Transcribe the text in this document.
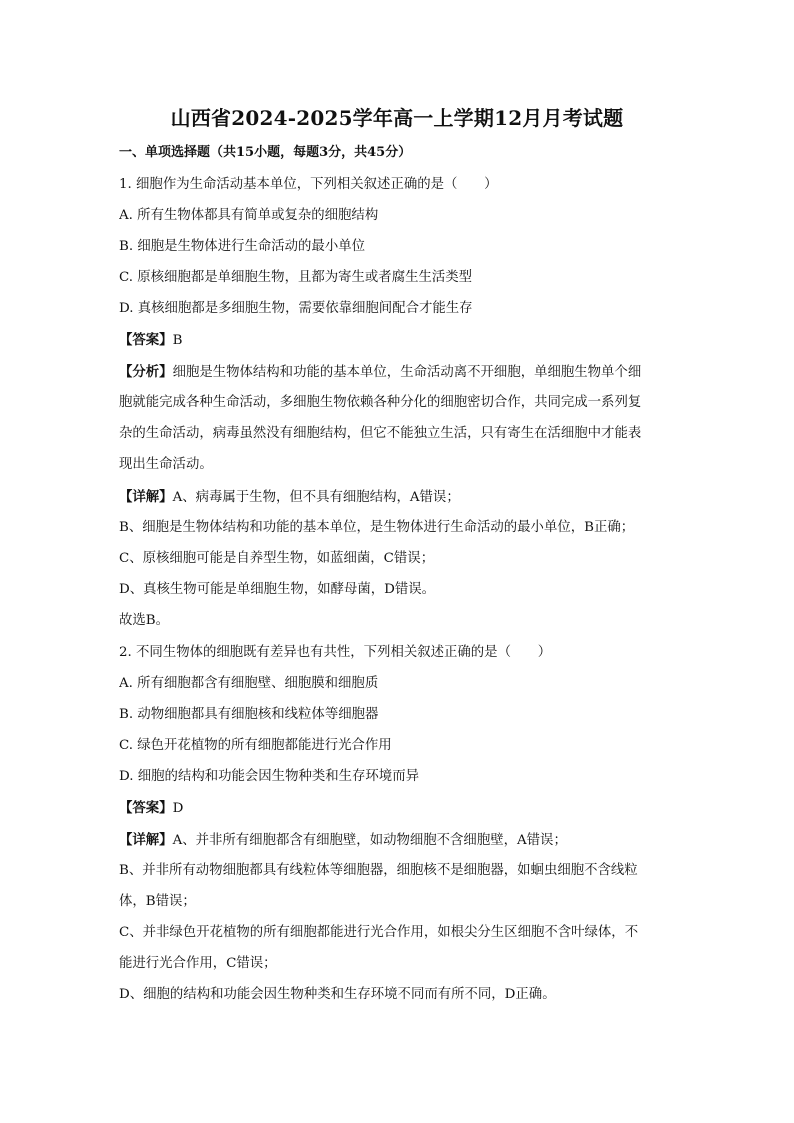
山西省2024-2025学年高一上学期12月月考试题
一、单项选择题（共15小题，每题3分，共45分）
1. 细胞作为生命活动基本单位，下列相关叙述正确的是（　　）
A. 所有生物体都具有简单或复杂的细胞结构
B. 细胞是生物体进行生命活动的最小单位
C. 原核细胞都是单细胞生物，且都为寄生或者腐生生活类型
D. 真核细胞都是多细胞生物，需要依靠细胞间配合才能生存
【答案】B
【分析】细胞是生物体结构和功能的基本单位，生命活动离不开细胞，单细胞生物单个细
胞就能完成各种生命活动，多细胞生物依赖各种分化的细胞密切合作，共同完成一系列复
杂的生命活动，病毒虽然没有细胞结构，但它不能独立生活，只有寄生在活细胞中才能表
现出生命活动。
【详解】A、病毒属于生物，但不具有细胞结构，A错误；
B、细胞是生物体结构和功能的基本单位，是生物体进行生命活动的最小单位，B正确；
C、原核细胞可能是自养型生物，如蓝细菌，C错误；
D、真核生物可能是单细胞生物，如酵母菌，D错误。
故选B。
2. 不同生物体的细胞既有差异也有共性，下列相关叙述正确的是（　　）
A. 所有细胞都含有细胞壁、细胞膜和细胞质
B. 动物细胞都具有细胞核和线粒体等细胞器
C. 绿色开花植物的所有细胞都能进行光合作用
D. 细胞的结构和功能会因生物种类和生存环境而异
【答案】D
【详解】A、并非所有细胞都含有细胞壁，如动物细胞不含细胞壁，A错误；
B、并非所有动物细胞都具有线粒体等细胞器，细胞核不是细胞器，如蛔虫细胞不含线粒
体，B错误；
C、并非绿色开花植物的所有细胞都能进行光合作用，如根尖分生区细胞不含叶绿体，不
能进行光合作用，C错误；
D、细胞的结构和功能会因生物种类和生存环境不同而有所不同，D正确。
